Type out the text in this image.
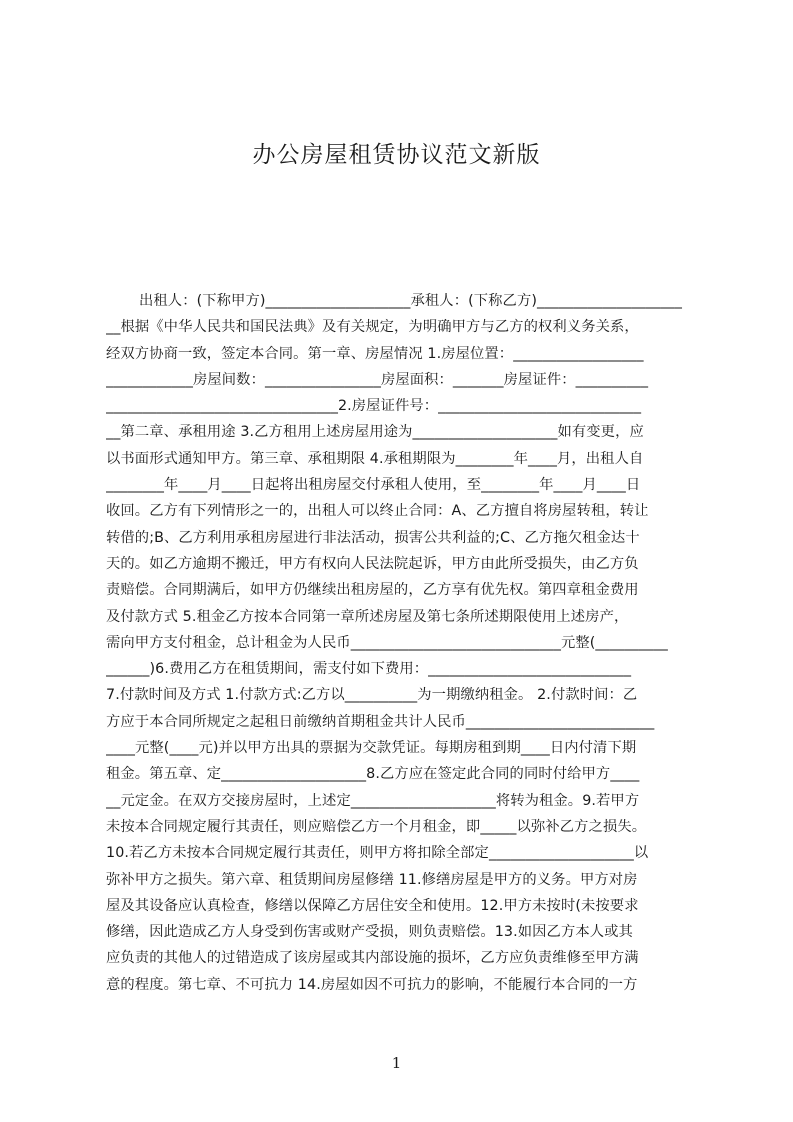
办公房屋租赁协议范文新版
出租人：(下称甲方)____________________承租人：(下称乙方)____________________
__根据《中华人民共和国民法典》及有关规定，为明确甲方与乙方的权利义务关系，
经双方协商一致，签定本合同。第一章、房屋情况 1.房屋位置：__________________
____________房屋间数：________________房屋面积：_______房屋证件：__________
________________________________2.房屋证件号：____________________________
__第二章、承租用途 3.乙方租用上述房屋用途为____________________如有变更，应
以书面形式通知甲方。第三章、承租期限 4.承租期限为________年____月，出租人自
________年____月____日起将出租房屋交付承租人使用，至________年____月____日
收回。乙方有下列情形之一的，出租人可以终止合同：A、乙方擅自将房屋转租，转让
转借的;B、乙方利用承租房屋进行非法活动，损害公共利益的;C、乙方拖欠租金达十
天的。如乙方逾期不搬迁，甲方有权向人民法院起诉，甲方由此所受损失，由乙方负
责赔偿。合同期满后，如甲方仍继续出租房屋的，乙方享有优先权。第四章租金费用
及付款方式 5.租金乙方按本合同第一章所述房屋及第七条所述期限使用上述房产，
需向甲方支付租金，总计租金为人民币_____________________________元整(__________
______)6.费用乙方在租赁期间，需支付如下费用：____________________________
7.付款时间及方式 1.付款方式:乙方以__________为一期缴纳租金。 2.付款时间：乙
方应于本合同所规定之起租日前缴纳首期租金共计人民币__________________________
____元整(____元)并以甲方出具的票据为交款凭证。每期房租到期____日内付清下期
租金。第五章、定____________________8.乙方应在签定此合同的同时付给甲方____
__元定金。在双方交接房屋时，上述定____________________将转为租金。9.若甲方
未按本合同规定履行其责任，则应赔偿乙方一个月租金，即_____以弥补乙方之损失。
10.若乙方未按本合同规定履行其责任，则甲方将扣除全部定____________________以
弥补甲方之损失。第六章、租赁期间房屋修缮 11.修缮房屋是甲方的义务。甲方对房
屋及其设备应认真检查，修缮以保障乙方居住安全和使用。12.甲方未按时(未按要求
修缮，因此造成乙方人身受到伤害或财产受损，则负责赔偿。13.如因乙方本人或其
应负责的其他人的过错造成了该房屋或其内部设施的损坏，乙方应负责维修至甲方满
意的程度。第七章、不可抗力 14.房屋如因不可抗力的影响，不能履行本合同的一方
1
